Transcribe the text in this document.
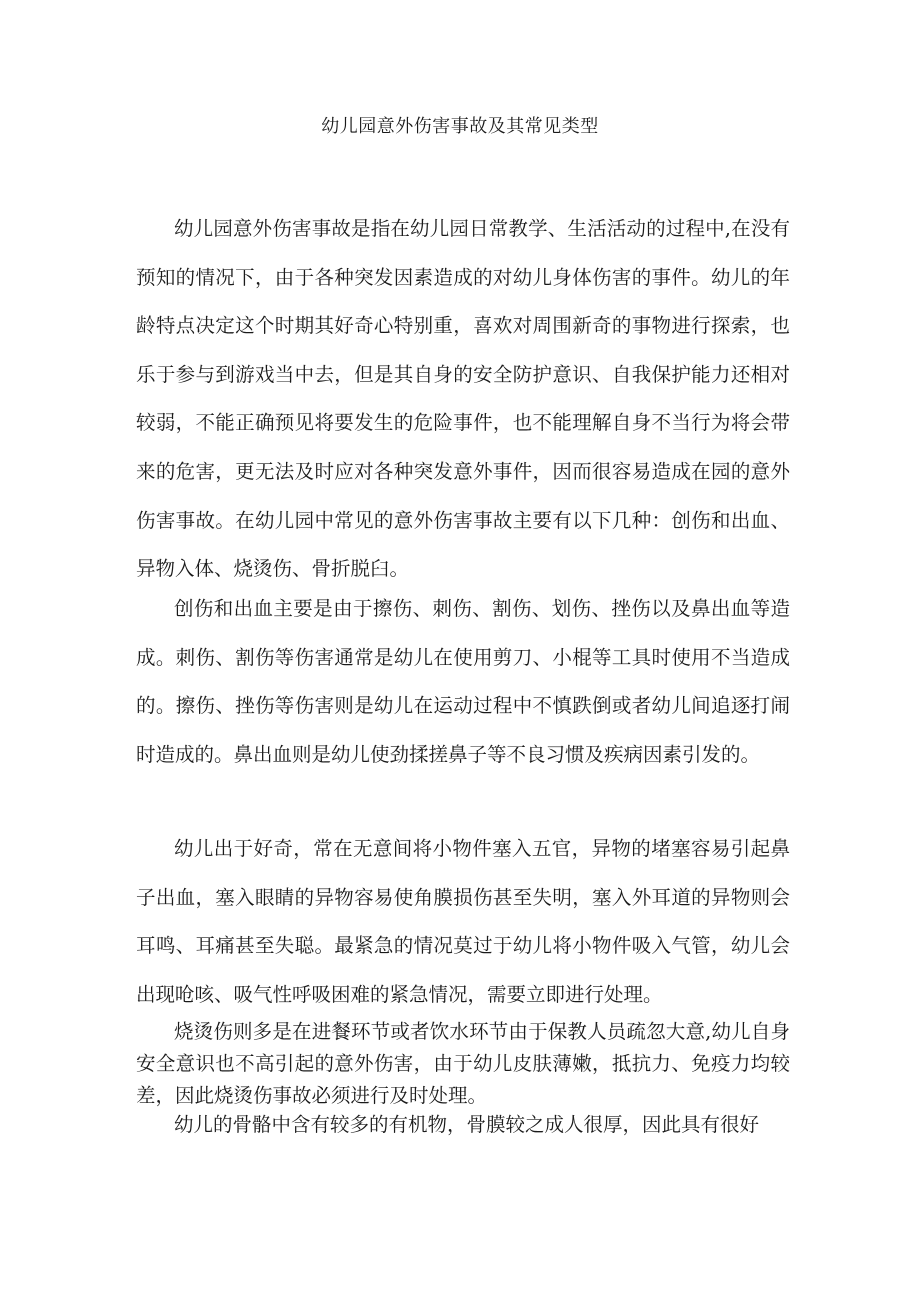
幼儿园意外伤害事故及其常见类型

幼儿园意外伤害事故是指在幼儿园日常教学、生活活动的过程中,在没有预知的情况下，由于各种突发因素造成的对幼儿身体伤害的事件。幼儿的年龄特点决定这个时期其好奇心特别重，喜欢对周围新奇的事物进行探索，也乐于参与到游戏当中去，但是其自身的安全防护意识、自我保护能力还相对较弱，不能正确预见将要发生的危险事件，也不能理解自身不当行为将会带来的危害，更无法及时应对各种突发意外事件，因而很容易造成在园的意外伤害事故。在幼儿园中常见的意外伤害事故主要有以下几种：创伤和出血、异物入体、烧烫伤、骨折脱臼。

创伤和出血主要是由于擦伤、刺伤、割伤、划伤、挫伤以及鼻出血等造成。刺伤、割伤等伤害通常是幼儿在使用剪刀、小棍等工具时使用不当造成的。擦伤、挫伤等伤害则是幼儿在运动过程中不慎跌倒或者幼儿间追逐打闹时造成的。鼻出血则是幼儿使劲揉搓鼻子等不良习惯及疾病因素引发的。

幼儿出于好奇，常在无意间将小物件塞入五官，异物的堵塞容易引起鼻子出血，塞入眼睛的异物容易使角膜损伤甚至失明，塞入外耳道的异物则会耳鸣、耳痛甚至失聪。最紧急的情况莫过于幼儿将小物件吸入气管，幼儿会出现呛咳、吸气性呼吸困难的紧急情况，需要立即进行处理。

烧烫伤则多是在进餐环节或者饮水环节由于保教人员疏忽大意,幼儿自身安全意识也不高引起的意外伤害，由于幼儿皮肤薄嫩，抵抗力、免疫力均较差，因此烧烫伤事故必须进行及时处理。

幼儿的骨骼中含有较多的有机物，骨膜较之成人很厚，因此具有很好
